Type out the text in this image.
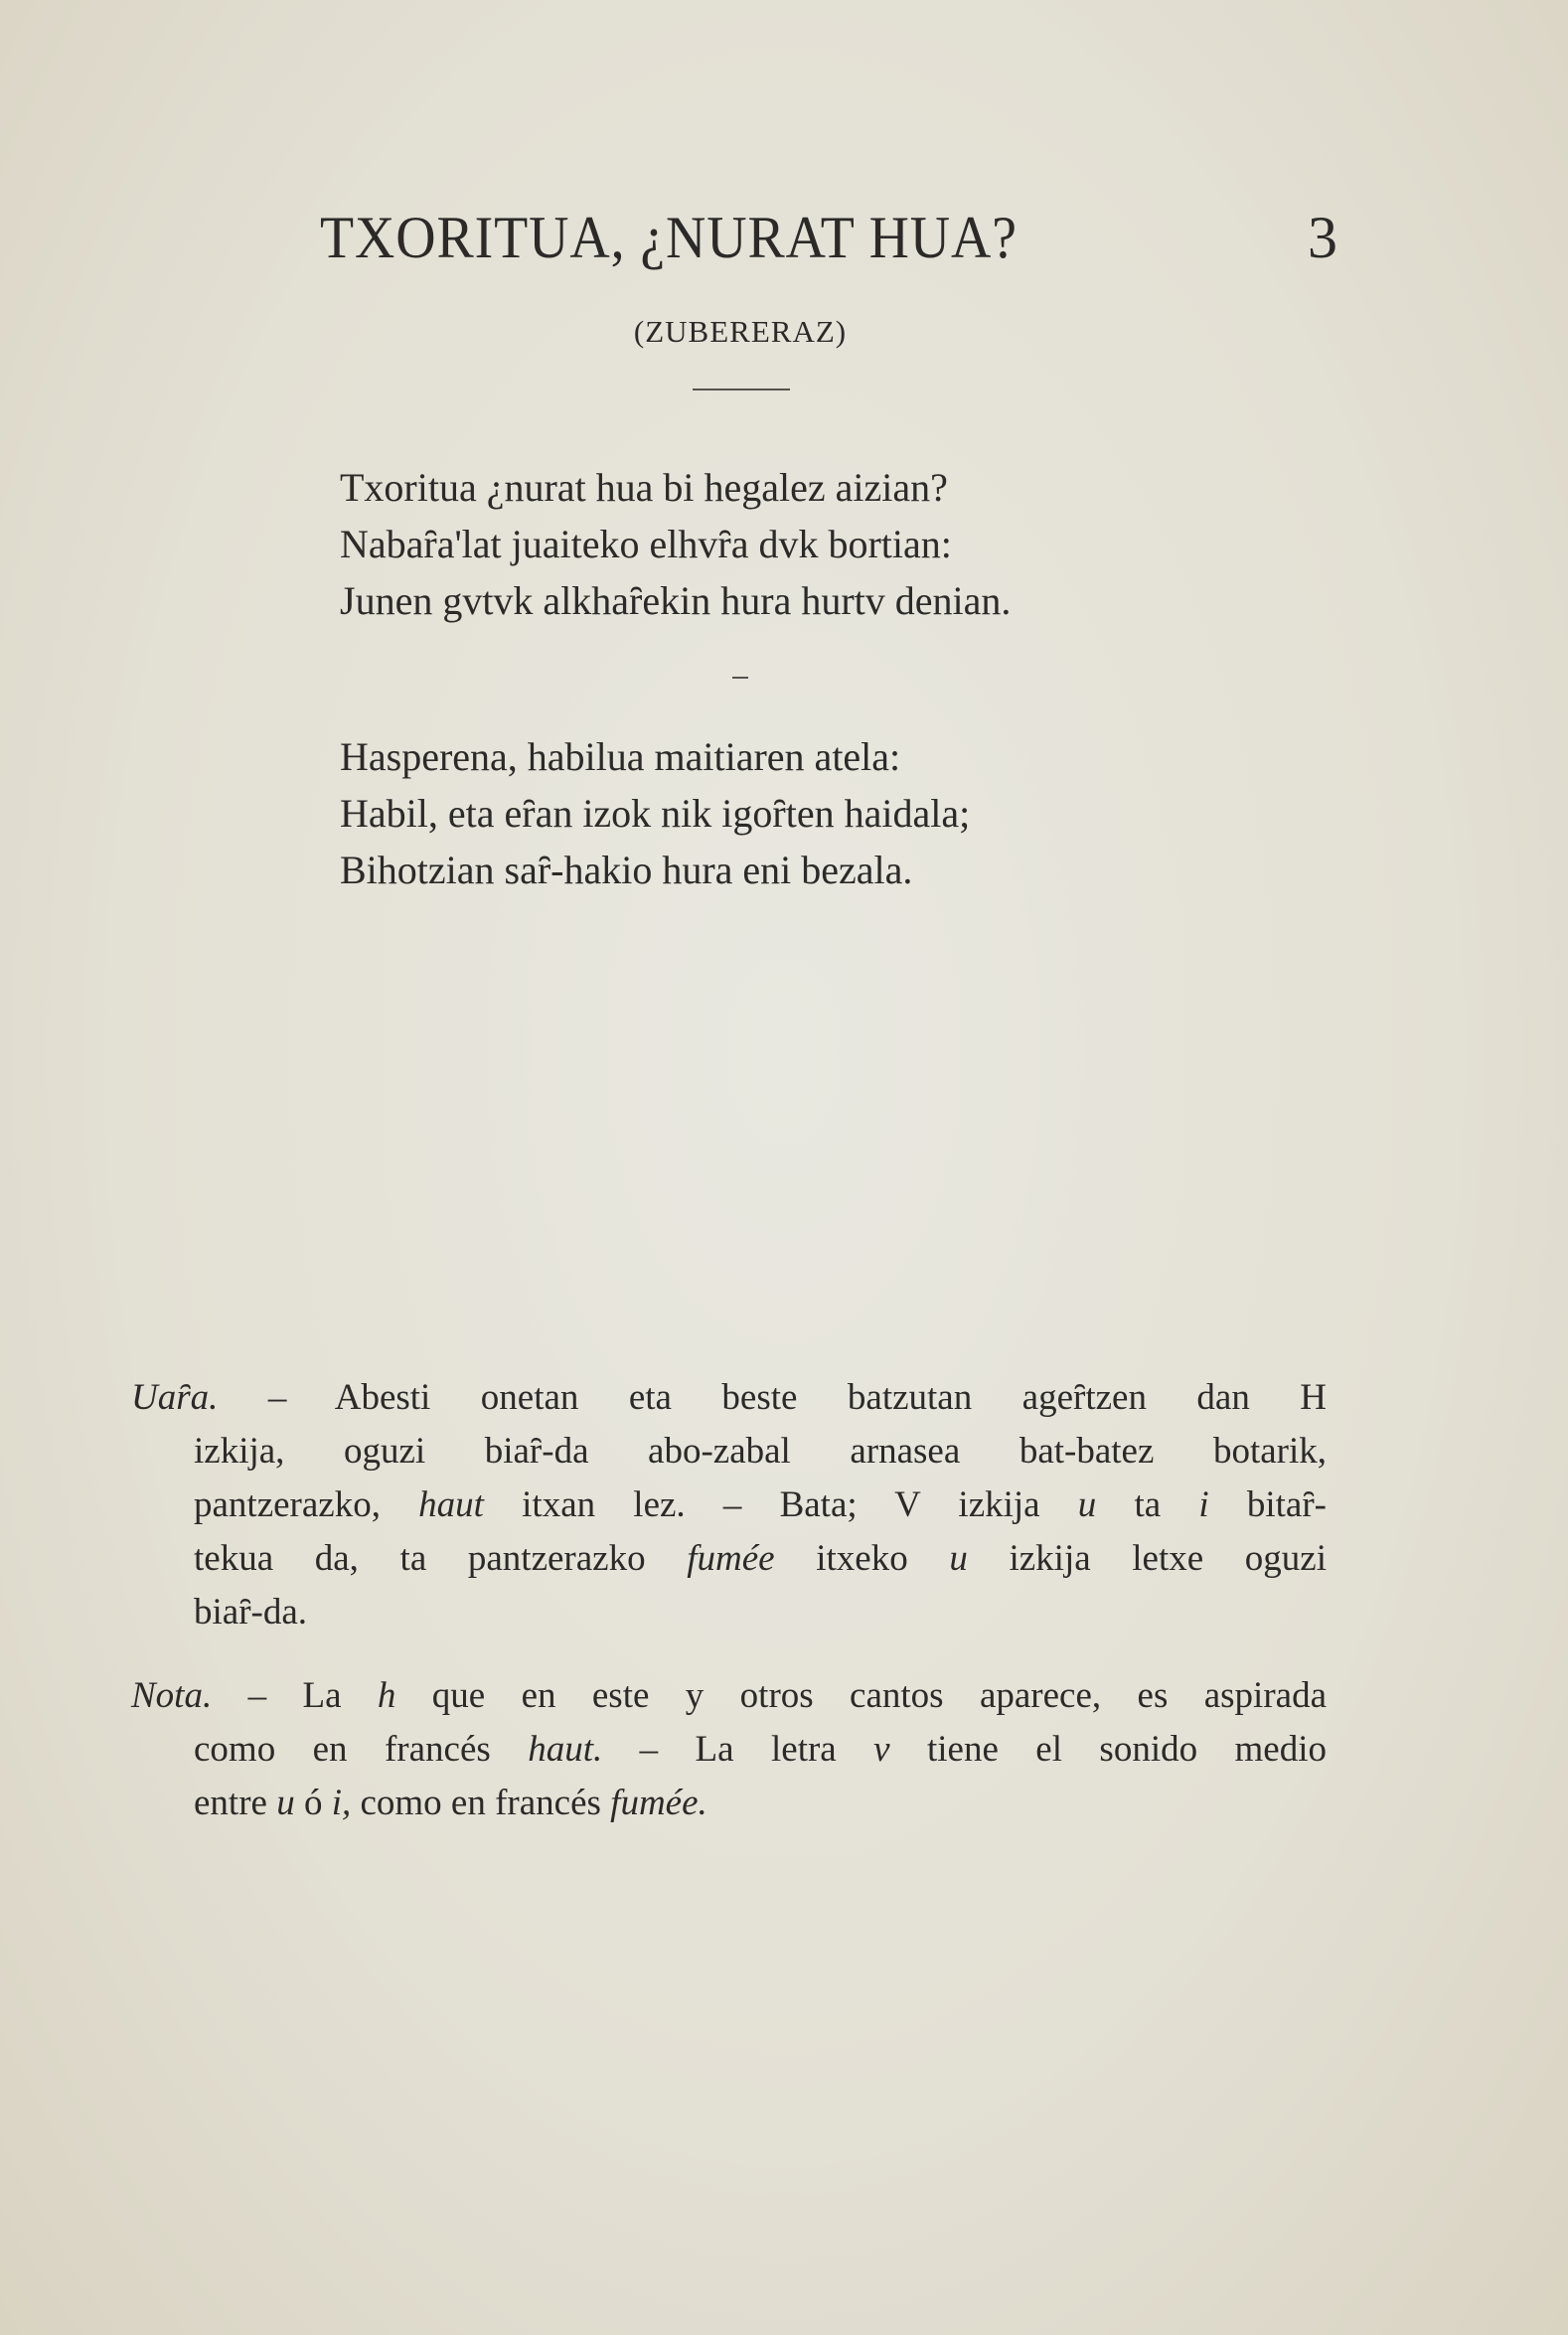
TXORITUA, ¿NURAT HUA?	3
(ZUBERERAZ)
Txoritua ¿nurat hua bi hegalez aizian?
Nabaȓa'lat juaiteko elhvȓa dvk bortian:
Junen gvtvk alkhaȓekin hura hurtv denian.
Hasperena, habilua maitiaren atela:
Habil, eta eȓan izok nik igoȓten haidala;
Bihotzian saȓ-hakio hura eni bezala.
Uaȓa. – Abesti onetan eta beste batzutan ageȓtzen dan H
izkija, oguzi biaȓ-da abo-zabal arnasea bat-batez botarik,
pantzerazko, haut itxan lez. – Bata; V izkija u ta i bitaȓ-
tekua da, ta pantzerazko fumée itxeko u izkija letxe oguzi
biaȓ-da.
Nota. – La h que en este y otros cantos aparece, es aspirada
como en francés haut. – La letra v tiene el sonido medio
entre u ó i, como en francés fumée.
